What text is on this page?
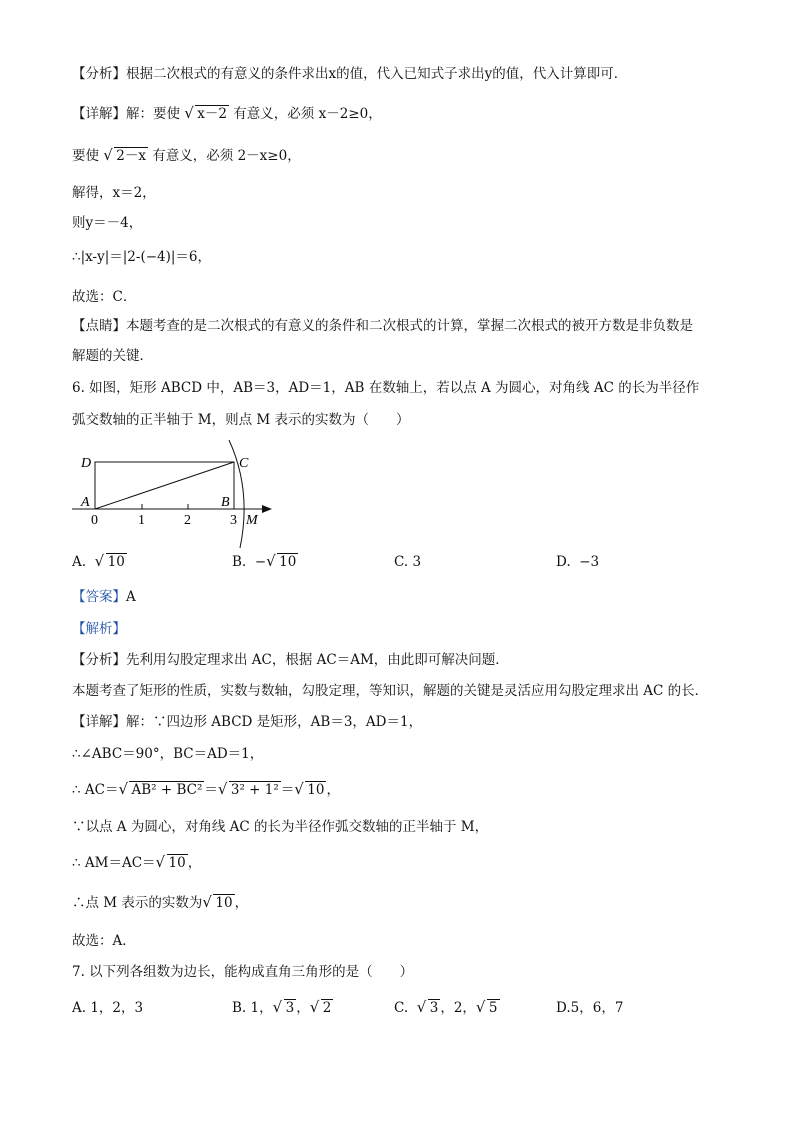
【分析】根据二次根式的有意义的条件求出x的值，代入已知式子求出y的值，代入计算即可．
【详解】解：要使 √ x－2 有意义，必须 x－2≥0，
要使 √ 2－x 有意义，必须 2－x≥0，
解得，x＝2，
则y＝－4，
∴|x-y|＝|2-(−4)|＝6，
故选：C．
【点睛】本题考查的是二次根式的有意义的条件和二次根式的计算，掌握二次根式的被开方数是非负数是
解题的关键．
6. 如图，矩形 ABCD 中，AB＝3，AD＝1，AB 在数轴上，若以点 A 为圆心，对角线 AC 的长为半径作
弧交数轴的正半轴于 M，则点 M 表示的实数为（　　）
D	C
A	B
M
0	1	2	3
A. √ 10	B. − √ 10	C. 3	D. −3
【答案】A
【解析】
【分析】先利用勾股定理求出 AC，根据 AC＝AM，由此即可解决问题．
本题考查了矩形的性质，实数与数轴，勾股定理，等知识，解题的关键是灵活应用勾股定理求出 AC 的长．
【详解】解：∵四边形 ABCD 是矩形，AB＝3，AD＝1，
∴∠ABC＝90°，BC＝AD＝1，
∴ AC＝ √ AB² + BC² ＝ √ 3² + 1² ＝ √ 10 ，
∵以点 A 为圆心，对角线 AC 的长为半径作弧交数轴的正半轴于 M，
∴ AM＝AC＝ √ 10 ，
∴点 M 表示的实数为 √ 10 ，
故选：A．
7. 以下列各组数为边长，能构成直角三角形的是（　　）
A. 1，2，3	B. 1， √ 3 ， √ 2	C. √ 3 ，2， √ 5	D.5，6，7
